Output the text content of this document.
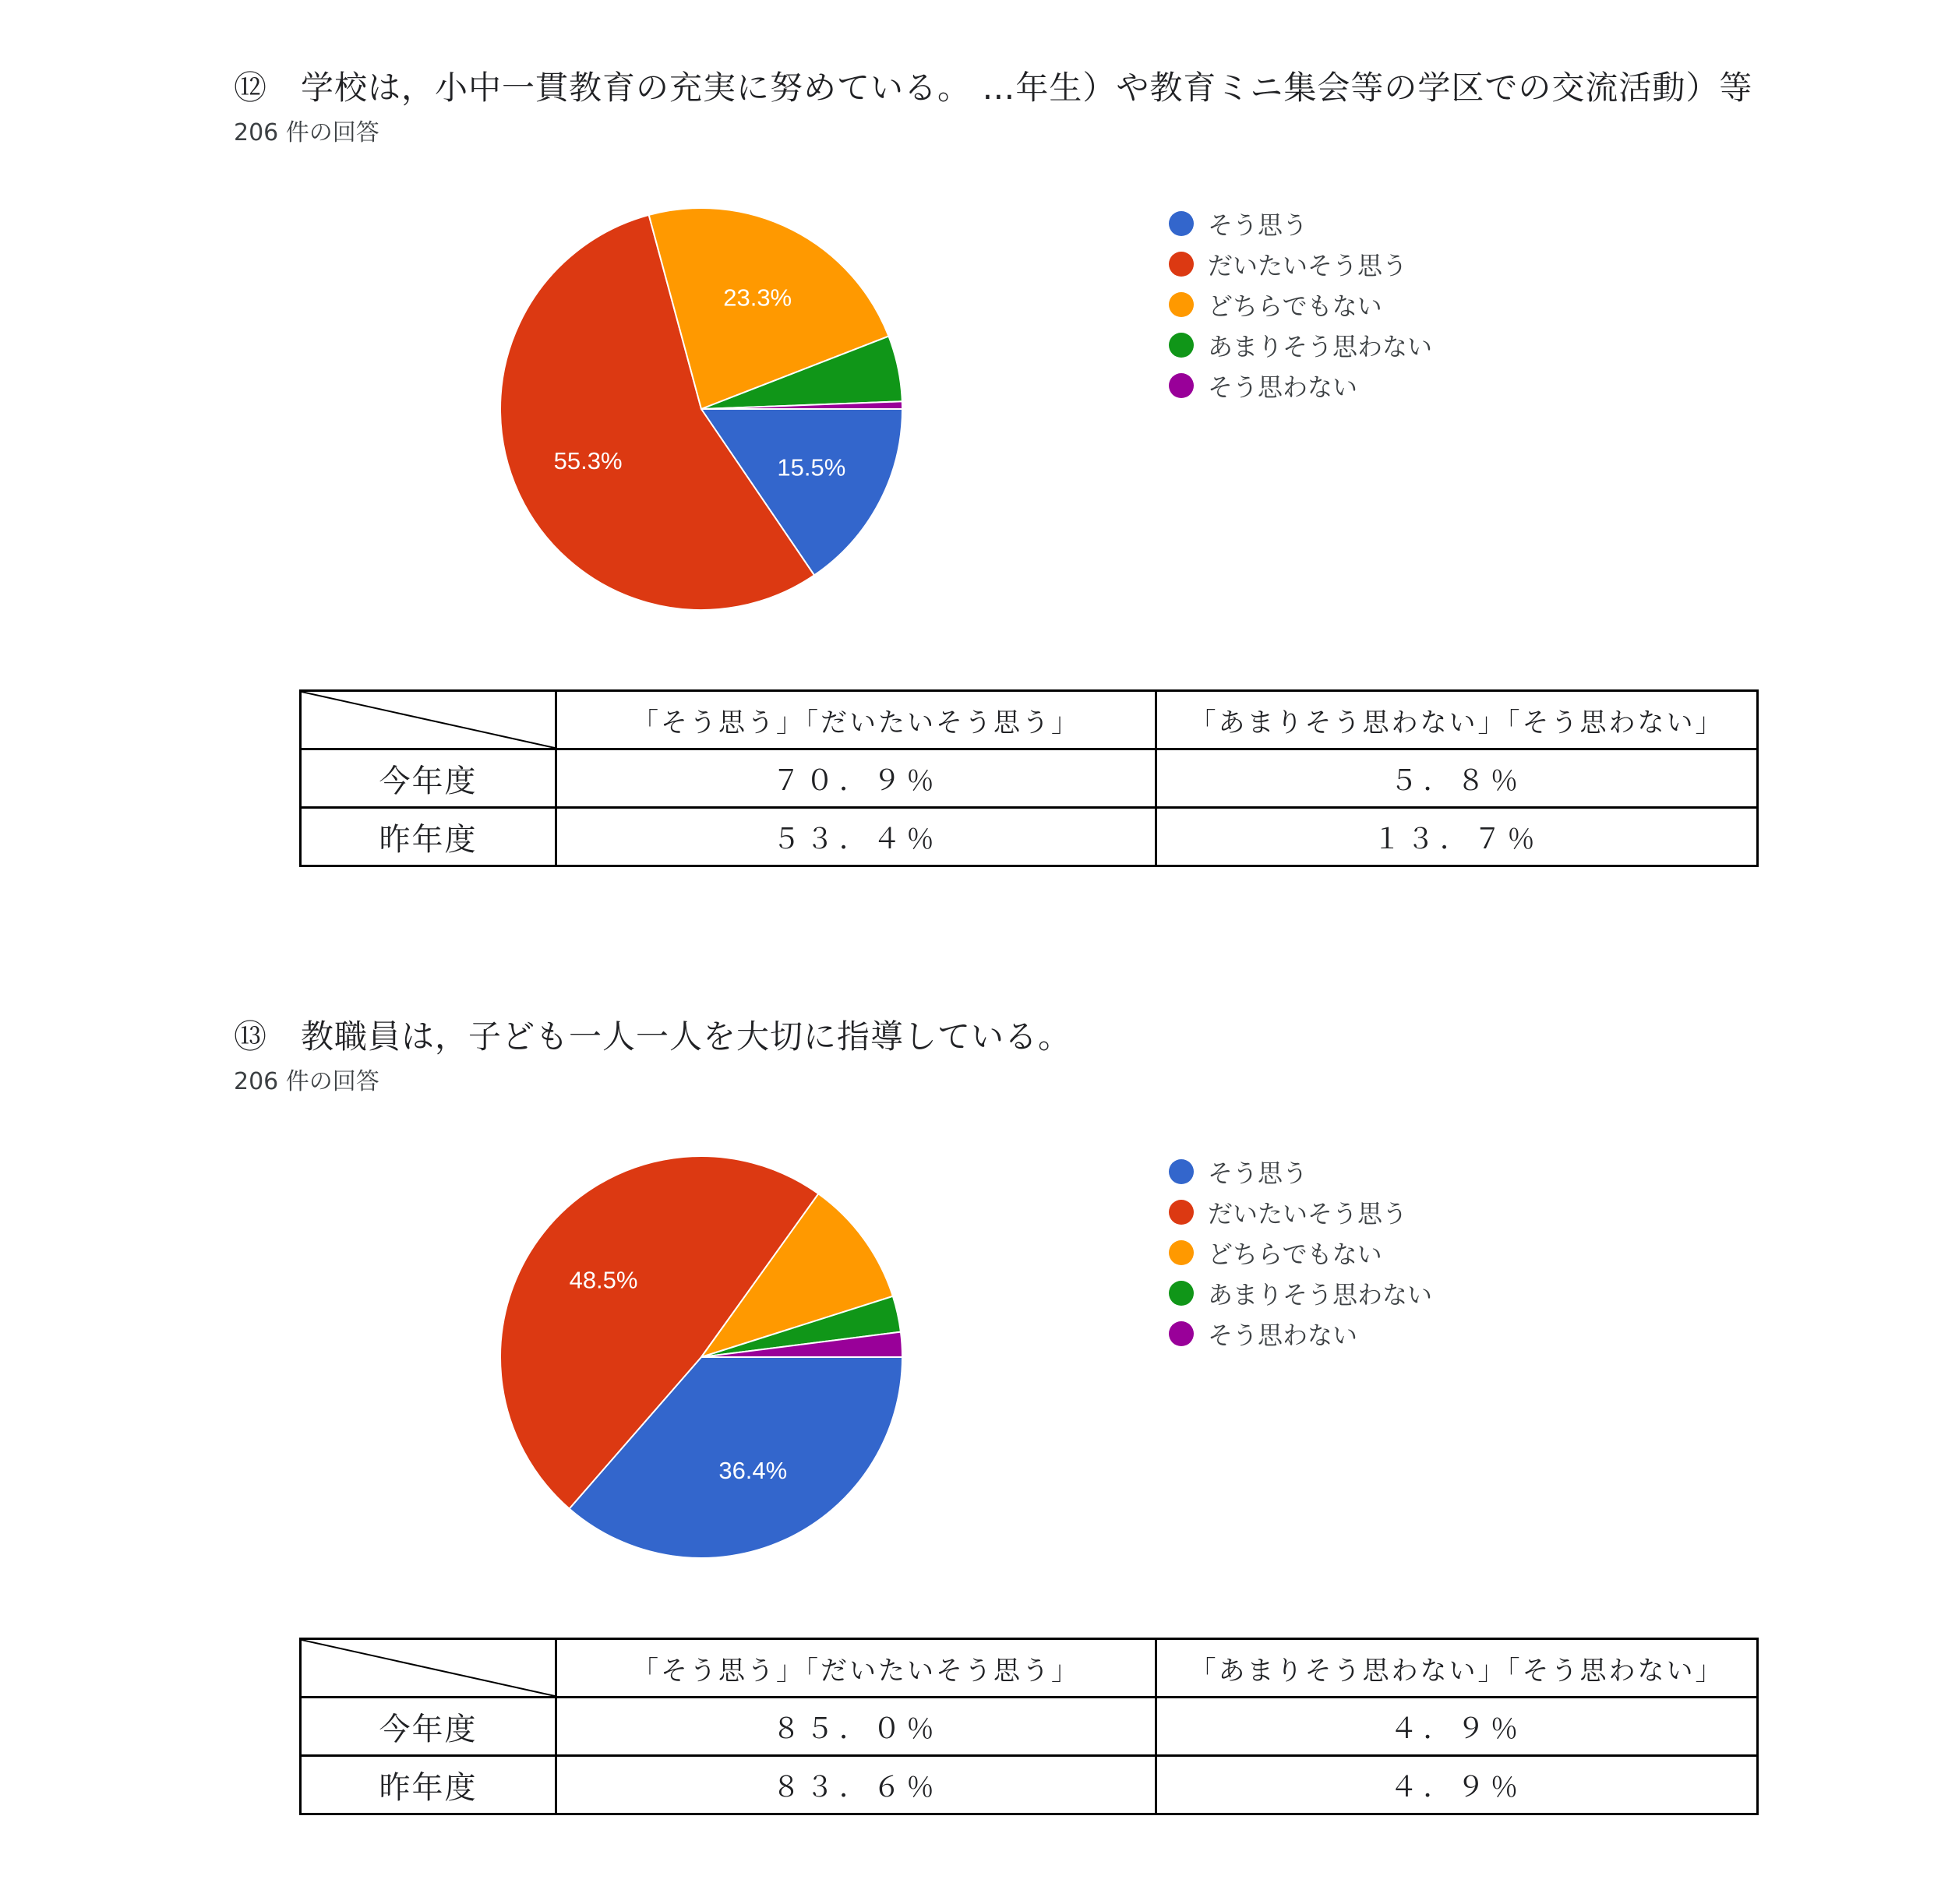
⑫　学校は，小中一貫教育の充実に努めている。 …年生）や教育ミニ集会等の学区での交流活動）等
206 件の回答
15.5%
55.3%
23.3%
そう思う
だいたいそう思う
どちらでもない
あまりそう思わない
そう思わない
	「そう思う」「だいたいそう思う」	「あまりそう思わない」「そう思わない」
今年度	７０．９％	５．８％
昨年度	５３．４％	１３．７％
⑬　教職員は，子ども一人一人を大切に指導している。
206 件の回答
36.4%
48.5%
そう思う
だいたいそう思う
どちらでもない
あまりそう思わない
そう思わない
	「そう思う」「だいたいそう思う」	「あまりそう思わない」「そう思わない」
今年度	８５．０％	４．９％
昨年度	８３．６％	４．９％
